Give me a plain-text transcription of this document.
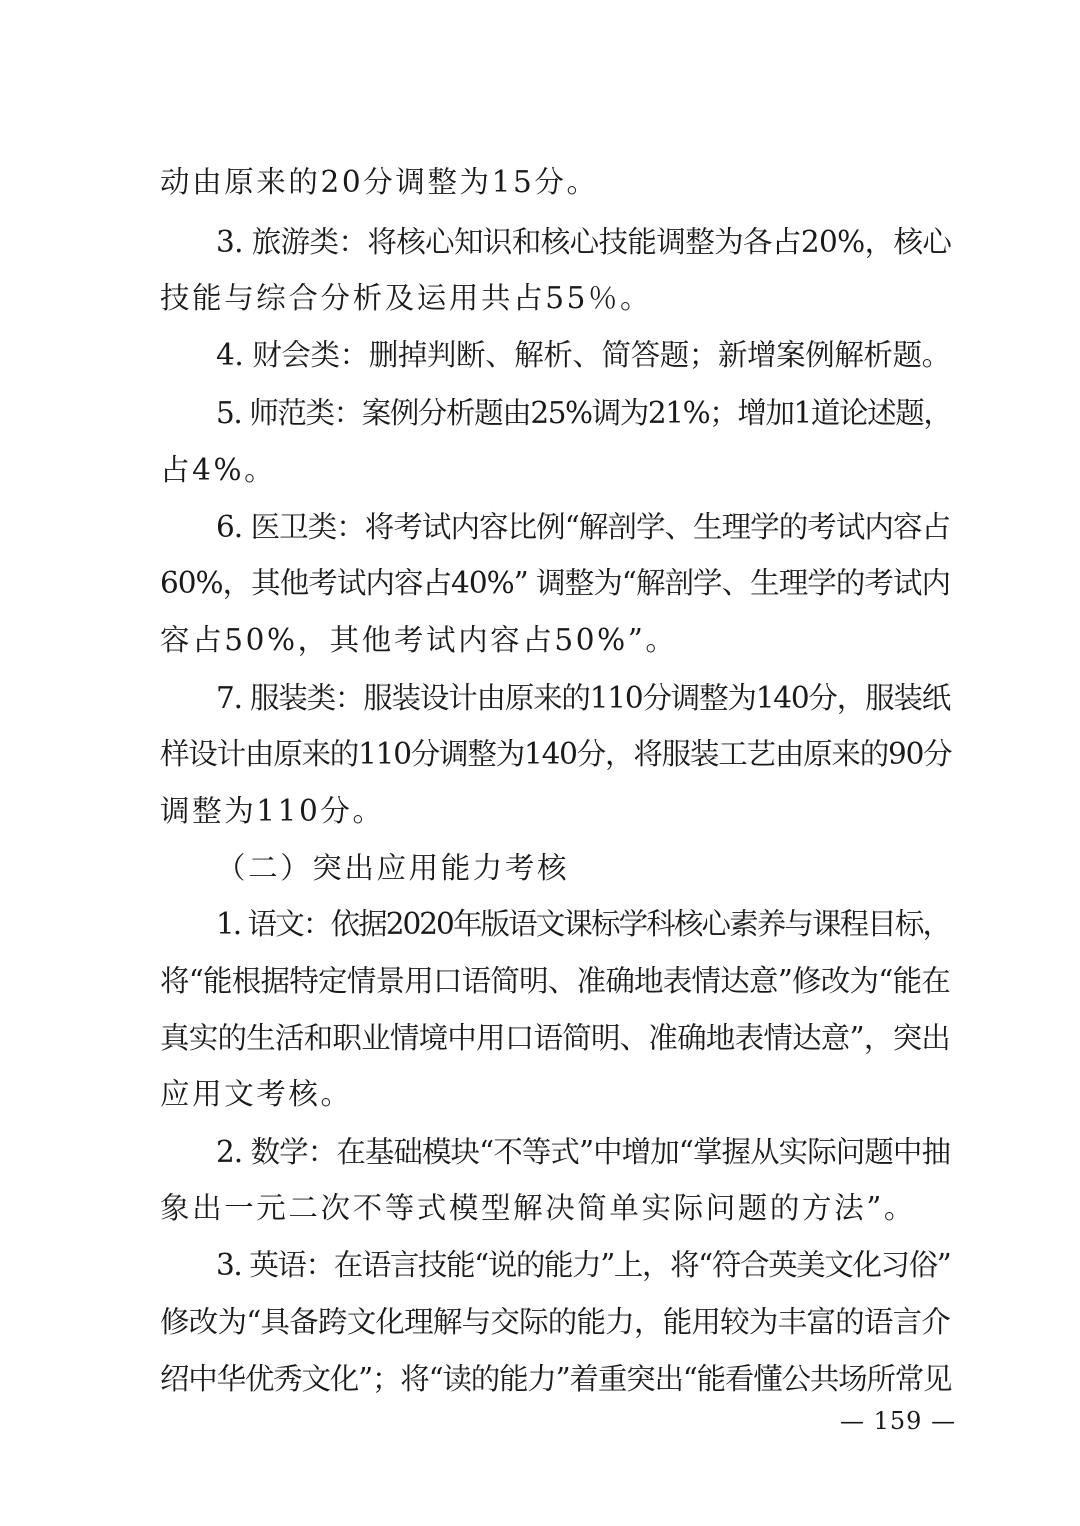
动由原来的20分调整为15分。
3. 旅游类：将核心知识和核心技能调整为各占20%，核心
技能与综合分析及运用共占55％。
4. 财会类：删掉判断、解析、简答题；新增案例解析题。
5. 师范类：案例分析题由25%调为21%；增加1道论述题，
占4%。
6. 医卫类：将考试内容比例“解剖学、生理学的考试内容占
60%，其他考试内容占40%” 调整为“解剖学、生理学的考试内
容占50%，其他考试内容占50%”。
7. 服装类：服装设计由原来的110分调整为140分，服装纸
样设计由原来的110分调整为140分，将服装工艺由原来的90分
调整为110分。
（二）突出应用能力考核
1. 语文：依据2020年版语文课标学科核心素养与课程目标，
将“能根据特定情景用口语简明、准确地表情达意”修改为“能在
真实的生活和职业情境中用口语简明、准确地表情达意”，突出
应用文考核。
2. 数学：在基础模块“不等式”中增加“掌握从实际问题中抽
象出一元二次不等式模型解决简单实际问题的方法”。
3. 英语：在语言技能“说的能力”上，将“符合英美文化习俗”
修改为“具备跨文化理解与交际的能力，能用较为丰富的语言介
绍中华优秀文化”；将“读的能力”着重突出“能看懂公共场所常见
— 159 —
